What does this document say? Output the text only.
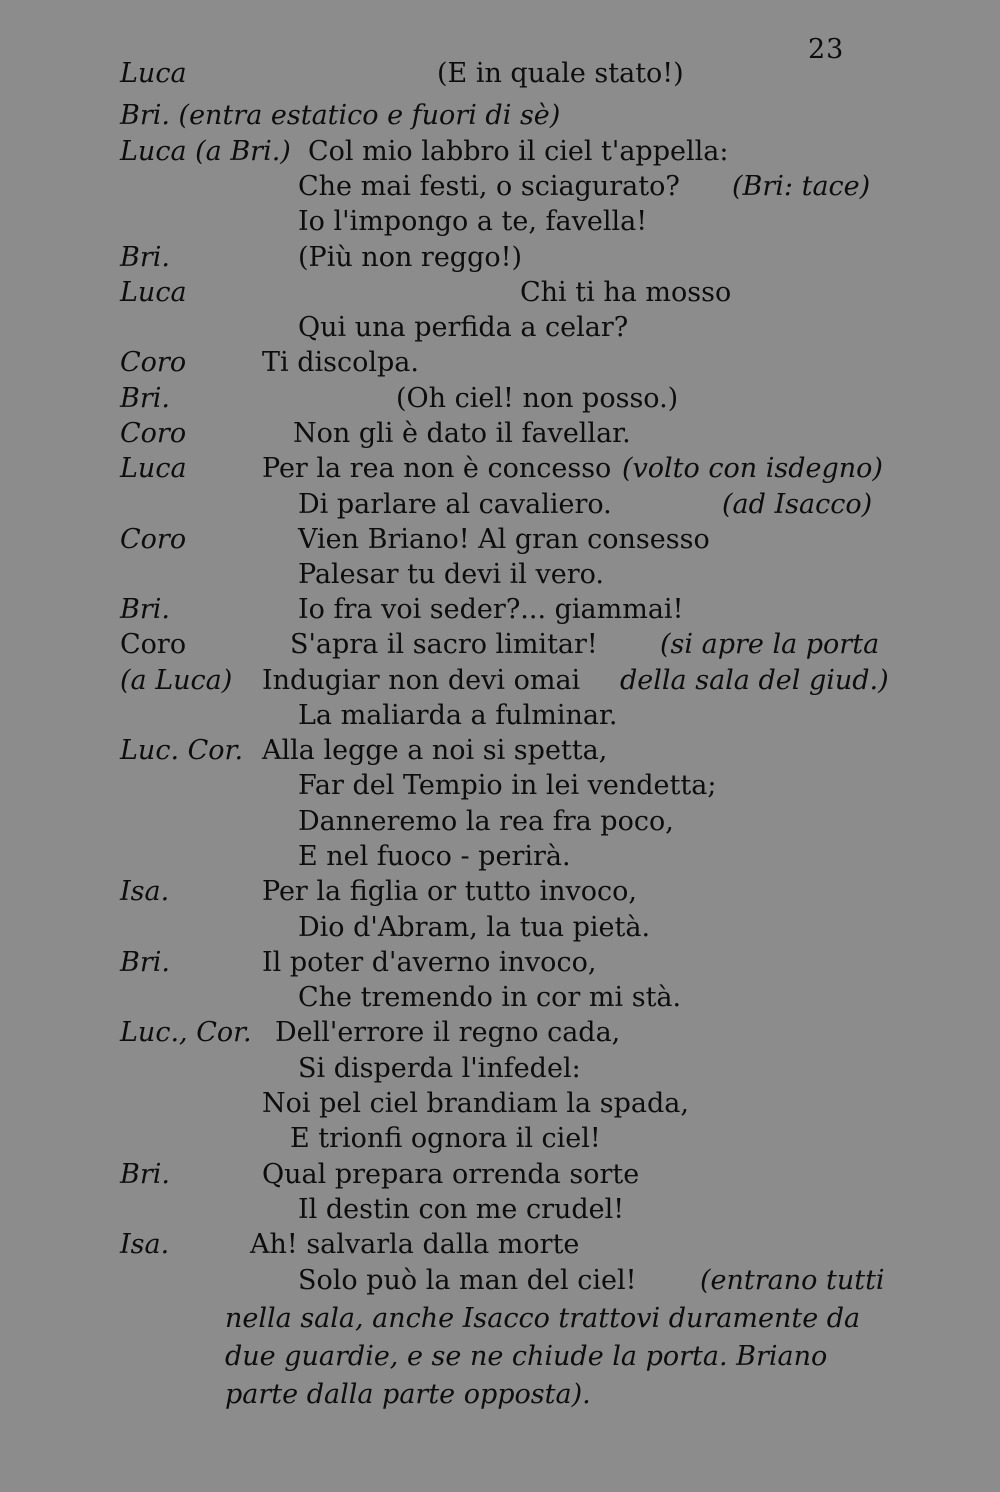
23
Luca	(E in quale stato!)
Bri. (entra estatico e fuori di sè)
Luca (a Bri.) Col mio labbro il ciel t'appella:
Che mai festi, o sciagurato? (Bri: tace)
Io l'impongo a te, favella!
Bri.	(Più non reggo!)
Luca	Chi ti ha mosso
Qui una perfida a celar?
Coro	Ti discolpa.
Bri.	(Oh ciel! non posso.)
Coro	Non gli è dato il favellar.
Luca	Per la rea non è concesso (volto con isdegno)
Di parlare al cavaliero.	(ad Isacco)
Coro	Vien Briano! Al gran consesso
Palesar tu devi il vero.
Bri.	Io fra voi seder?... giammai!
Coro	S'apra il sacro limitar! (si apre la porta
(a Luca) Indugiar non devi omai della sala del giud.)
La maliarda a fulminar.
Luc. Cor. Alla legge a noi si spetta,
Far del Tempio in lei vendetta;
Danneremo la rea fra poco,
E nel fuoco - perirà.
Isa.	Per la figlia or tutto invoco,
Dio d'Abram, la tua pietà.
Bri.	Il poter d'averno invoco,
Che tremendo in cor mi stà.
Luc., Cor. Dell'errore il regno cada,
Si disperda l'infedel:
Noi pel ciel brandiam la spada,
E trionfi ognora il ciel!
Bri.	Qual prepara orrenda sorte
Il destin con me crudel!
Isa.	Ah! salvarla dalla morte
Solo può la man del ciel! (entrano tutti
nella sala, anche Isacco trattovi duramente da
due guardie, e se ne chiude la porta. Briano
parte dalla parte opposta).
